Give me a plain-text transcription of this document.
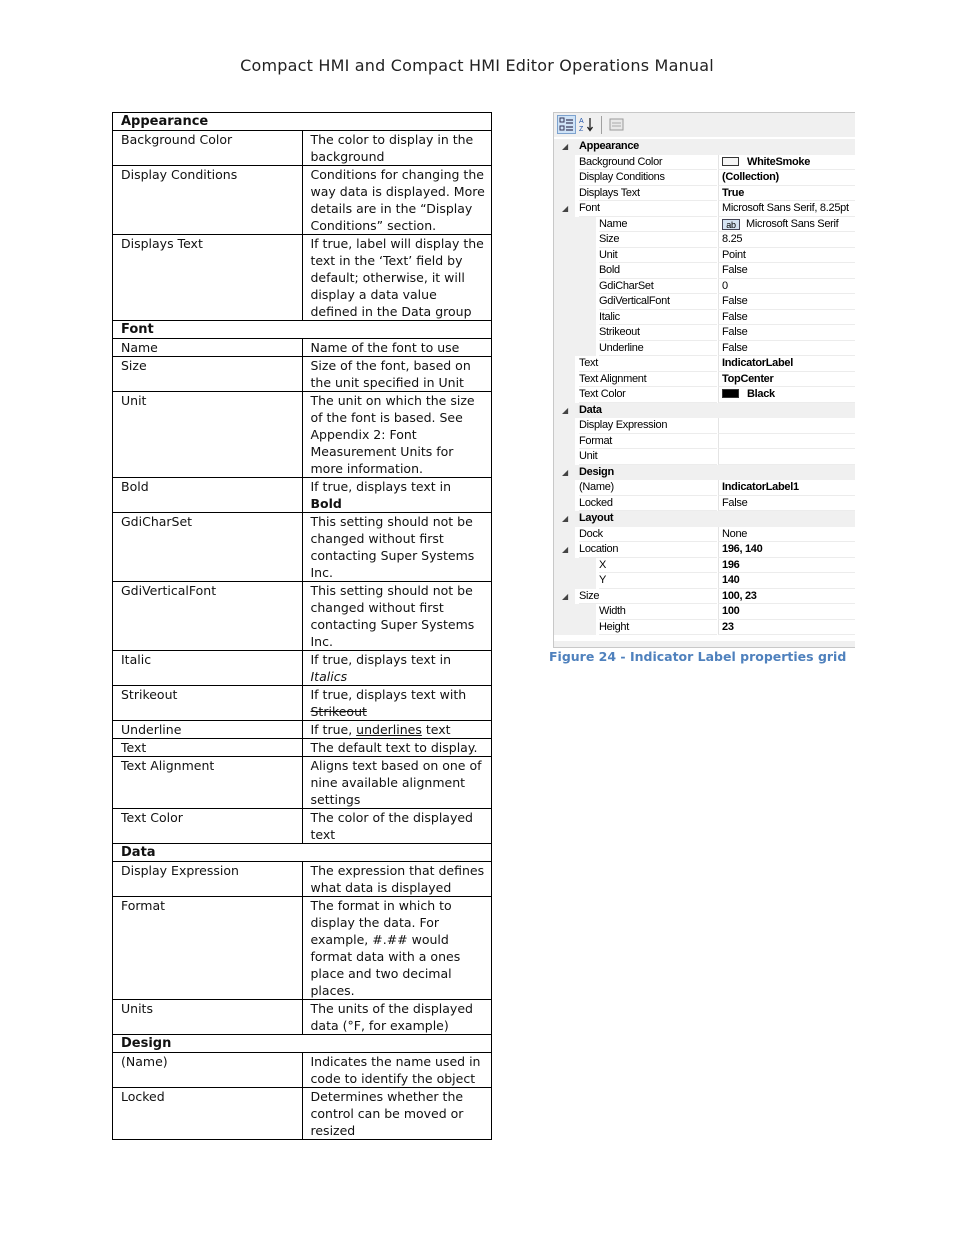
Compact HMI and Compact HMI Editor Operations Manual
Appearance	
Background Color	The color to display in the background
Display Conditions	Conditions for changing the way data is displayed. More details are in the “Display Conditions” section.
Displays Text	If true, label will display the text in the ‘Text’ field by default; otherwise, it will display a data value defined in the Data group
Font	
Name	Name of the font to use
Size	Size of the font, based on the unit specified in Unit
Unit	The unit on which the size of the font is based. See Appendix 2: Font Measurement Units for more information.
Bold	If true, displays text in Bold
GdiCharSet	This setting should not be changed without first contacting Super Systems Inc.
GdiVerticalFont	This setting should not be changed without first contacting Super Systems Inc.
Italic	If true, displays text in Italics
Strikeout	If true, displays text with Strikeout
Underline	If true, underlines text
Text	The default text to display.
Text Alignment	Aligns text based on one of nine available alignment settings
Text Color	The color of the displayed text
Data	
Display Expression	The expression that defines what data is displayed
Format	The format in which to display the data. For example, #.## would format data with a ones place and two decimal places.
Units	The units of the displayed data (°F, for example)
Design	
(Name)	Indicates the name used in code to identify the object
Locked	Determines whether the control can be moved or resized
A
Z
◢ Appearance
Background Color	WhiteSmoke
Display Conditions	(Collection)
Displays Text	True
◢ Font	Microsoft Sans Serif, 8.25pt
Name	ab Microsoft Sans Serif
Size	8.25
Unit	Point
Bold	False
GdiCharSet	0
GdiVerticalFont	False
Italic	False
Strikeout	False
Underline	False
Text	IndicatorLabel
Text Alignment	TopCenter
Text Color	Black
◢ Data
Display Expression
Format
Unit
◢ Design
(Name)	IndicatorLabel1
Locked	False
◢ Layout
Dock	None
◢ Location	196, 140
X	196
Y	140
◢ Size	100, 23
Width	100
Height	23
Figure 24 - Indicator Label properties grid
